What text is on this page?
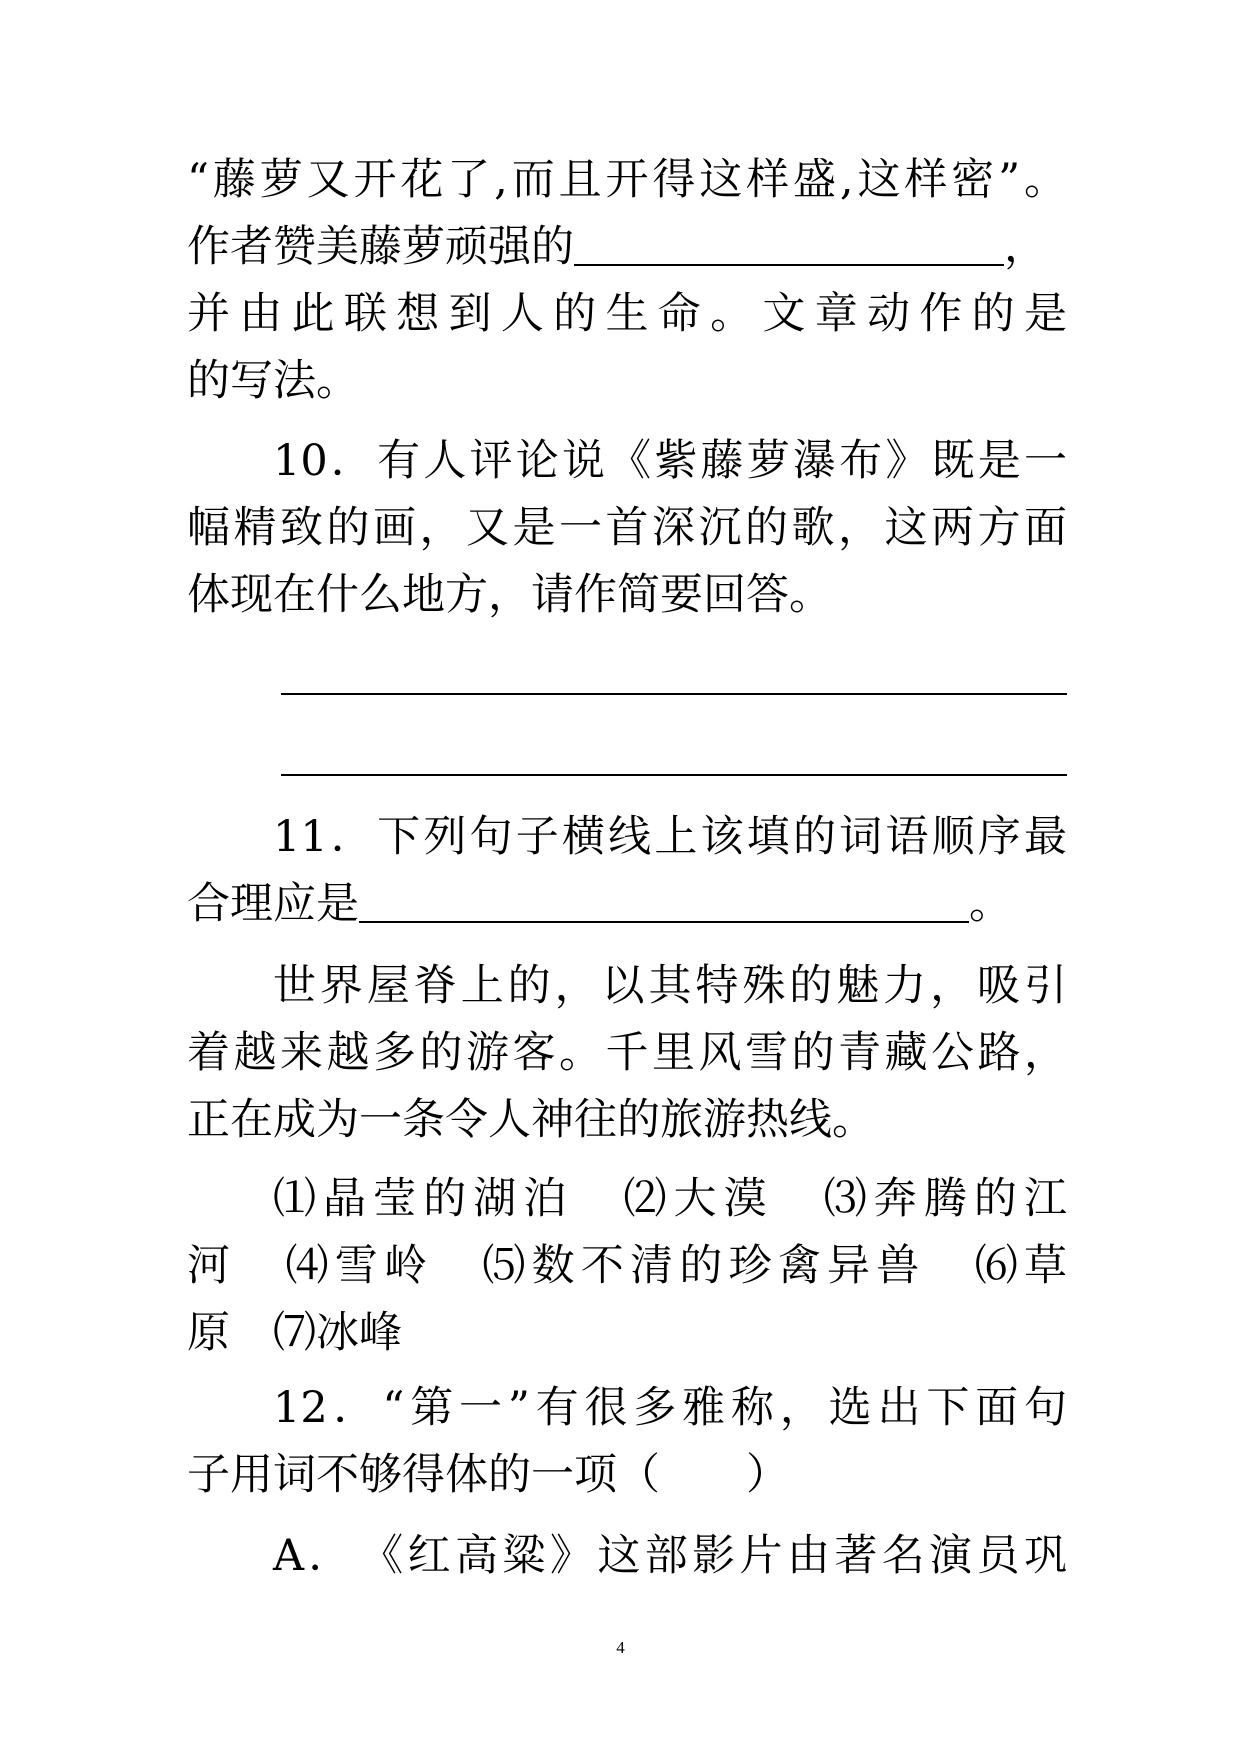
“藤萝又开花了,而且开得这样盛,这样密”。
作者赞美藤萝顽强的	，
并由此联想到人的生命。文章动作的是
的写法。
10．有人评论说《紫藤萝瀑布》既是一
幅精致的画，又是一首深沉的歌，这两方面
体现在什么地方，请作简要回答。
11．下列句子横线上该填的词语顺序最
合理应是	。
世界屋脊上的，以其特殊的魅力，吸引
着越来越多的游客。千里风雪的青藏公路，
正在成为一条令人神往的旅游热线。
⑴晶莹的湖泊　⑵大漠　⑶奔腾的江
河　⑷雪岭　⑸数不清的珍禽异兽　⑹草
原　⑺冰峰
12．“第一”有很多雅称，选出下面句
子用词不够得体的一项（　　）
A．　《红高粱》这部影片由著名演员巩
4
